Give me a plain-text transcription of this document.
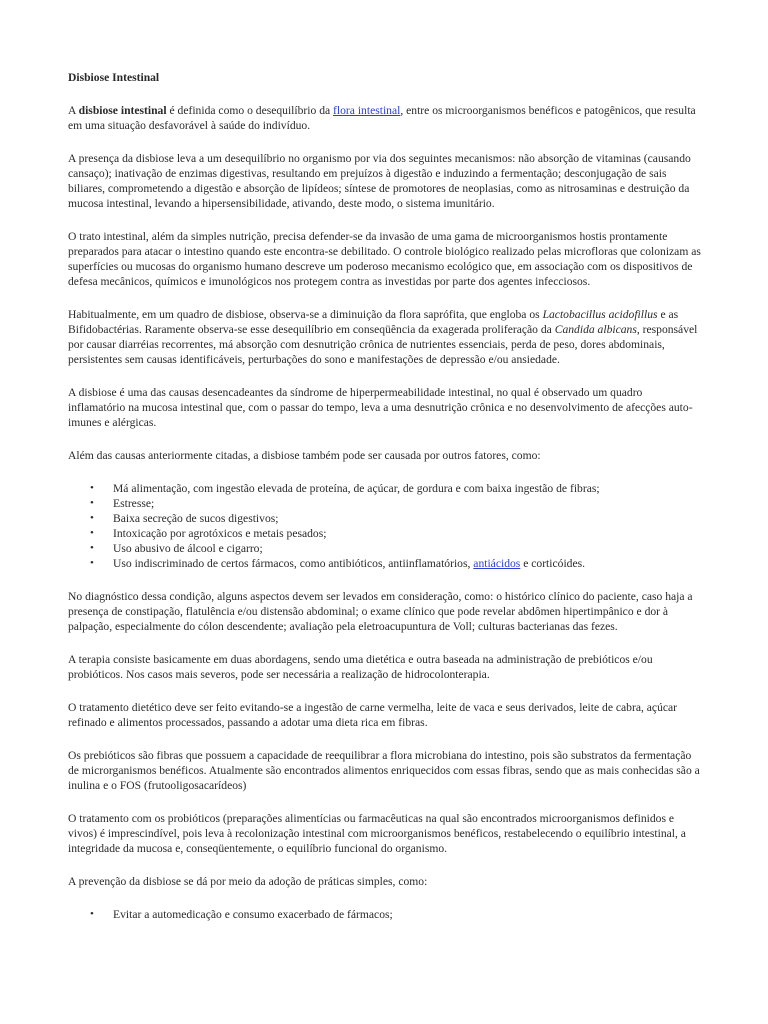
Disbiose Intestinal

A disbiose intestinal é definida como o desequilíbrio da flora intestinal, entre os microorganismos benéficos e patogênicos, que resulta em uma situação desfavorável à saúde do indivíduo.

A presença da disbiose leva a um desequilíbrio no organismo por via dos seguintes mecanismos: não absorção de vitaminas (causando cansaço); inativação de enzimas digestivas, resultando em prejuízos à digestão e induzindo a fermentação; desconjugação de sais biliares, comprometendo a digestão e absorção de lipídeos; síntese de promotores de neoplasias, como as nitrosaminas e destruição da mucosa intestinal, levando a hipersensibilidade, ativando, deste modo, o sistema imunitário.

O trato intestinal, além da simples nutrição, precisa defender-se da invasão de uma gama de microorganismos hostis prontamente preparados para atacar o intestino quando este encontra-se debilitado. O controle biológico realizado pelas microfloras que colonizam as superfícies ou mucosas do organismo humano descreve um poderoso mecanismo ecológico que, em associação com os dispositivos de defesa mecânicos, químicos e imunológicos nos protegem contra as investidas por parte dos agentes infecciosos.

Habitualmente, em um quadro de disbiose, observa-se a diminuição da flora saprófita, que engloba os Lactobacillus acidofillus e as Bifidobactérias. Raramente observa-se esse desequilíbrio em conseqüência da exagerada proliferação da Candida albicans, responsável por causar diarréias recorrentes, má absorção com desnutrição crônica de nutrientes essenciais, perda de peso, dores abdominais, persistentes sem causas identificáveis, perturbações do sono e manifestações de depressão e/ou ansiedade.

A disbiose é uma das causas desencadeantes da síndrome de hiperpermeabilidade intestinal, no qual é observado um quadro inflamatório na mucosa intestinal que, com o passar do tempo, leva a uma desnutrição crônica e no desenvolvimento de afecções auto-imunes e alérgicas.

Além das causas anteriormente citadas, a disbiose também pode ser causada por outros fatores, como:

• Má alimentação, com ingestão elevada de proteína, de açúcar, de gordura e com baixa ingestão de fibras;
• Estresse;
• Baixa secreção de sucos digestivos;
• Intoxicação por agrotóxicos e metais pesados;
• Uso abusivo de álcool e cigarro;
• Uso indiscriminado de certos fármacos, como antibióticos, antiinflamatórios, antiácidos e corticóides.

No diagnóstico dessa condição, alguns aspectos devem ser levados em consideração, como: o histórico clínico do paciente, caso haja a presença de constipação, flatulência e/ou distensão abdominal; o exame clínico que pode revelar abdômen hipertimpânico e dor à palpação, especialmente do cólon descendente; avaliação pela eletroacupuntura de Voll; culturas bacterianas das fezes.

A terapia consiste basicamente em duas abordagens, sendo uma dietética e outra baseada na administração de prebióticos e/ou probióticos. Nos casos mais severos, pode ser necessária a realização de hidrocolonterapia.

O tratamento dietético deve ser feito evitando-se a ingestão de carne vermelha, leite de vaca e seus derivados, leite de cabra, açúcar refinado e alimentos processados, passando a adotar uma dieta rica em fibras.

Os prebióticos são fibras que possuem a capacidade de reequilibrar a flora microbiana do intestino, pois são substratos da fermentação de microrganismos benéficos. Atualmente são encontrados alimentos enriquecidos com essas fibras, sendo que as mais conhecidas são a inulina e o FOS (frutooligosacarídeos)

O tratamento com os probióticos (preparações alimentícias ou farmacêuticas na qual são encontrados microorganismos definidos e vivos) é imprescindível, pois leva à recolonização intestinal com microorganismos benéficos, restabelecendo o equilíbrio intestinal, a integridade da mucosa e, conseqüentemente, o equilíbrio funcional do organismo.

A prevenção da disbiose se dá por meio da adoção de práticas simples, como:

• Evitar a automedicação e consumo exacerbado de fármacos;
